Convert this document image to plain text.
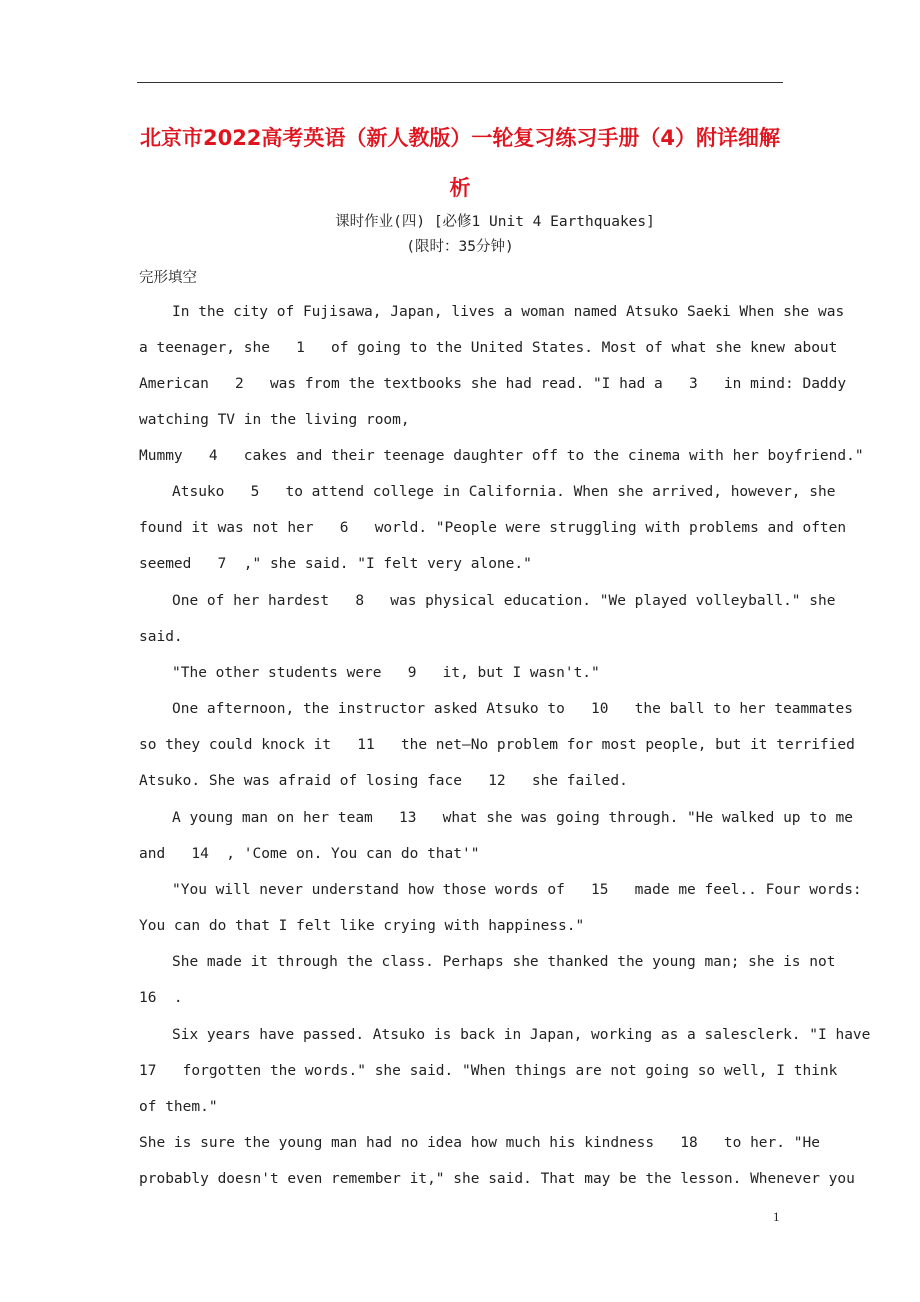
北京市2022高考英语（新人教版）一轮复习练习手册（4）附详细解
析
课时作业(四) [必修1 Unit 4 Earthquakes]
(限时：35分钟)
完形填空
In the city of Fujisawa, Japan, lives a woman named Atsuko Saeki When she was
a teenager, she   1   of going to the United States. Most of what she knew about
American   2   was from the textbooks she had read. "I had a   3   in mind: Daddy
watching TV in the living room,
Mummy   4   cakes and their teenage daughter off to the cinema with her boyfriend."
Atsuko   5   to attend college in California. When she arrived, however, she
found it was not her   6   world. "People were struggling with problems and often
seemed   7  ," she said. "I felt very alone."
One of her hardest   8   was physical education. "We played volleyball." she
said.
"The other students were   9   it, but I wasn't."
One afternoon, the instructor asked Atsuko to   10   the ball to her teammates
so they could knock it   11   the net—No problem for most people, but it terrified
Atsuko. She was afraid of losing face   12   she failed.
A young man on her team   13   what she was going through. "He walked up to me
and   14  , 'Come on. You can do that'"
"You will never understand how those words of   15   made me feel.. Four words:
You can do that I felt like crying with happiness."
She made it through the class. Perhaps she thanked the young man; she is not
16  .
Six years have passed. Atsuko is back in Japan, working as a salesclerk. "I have
17   forgotten the words." she said. "When things are not going so well, I think
of them."
She is sure the young man had no idea how much his kindness   18   to her. "He
probably doesn't even remember it," she said. That may be the lesson. Whenever you
1
